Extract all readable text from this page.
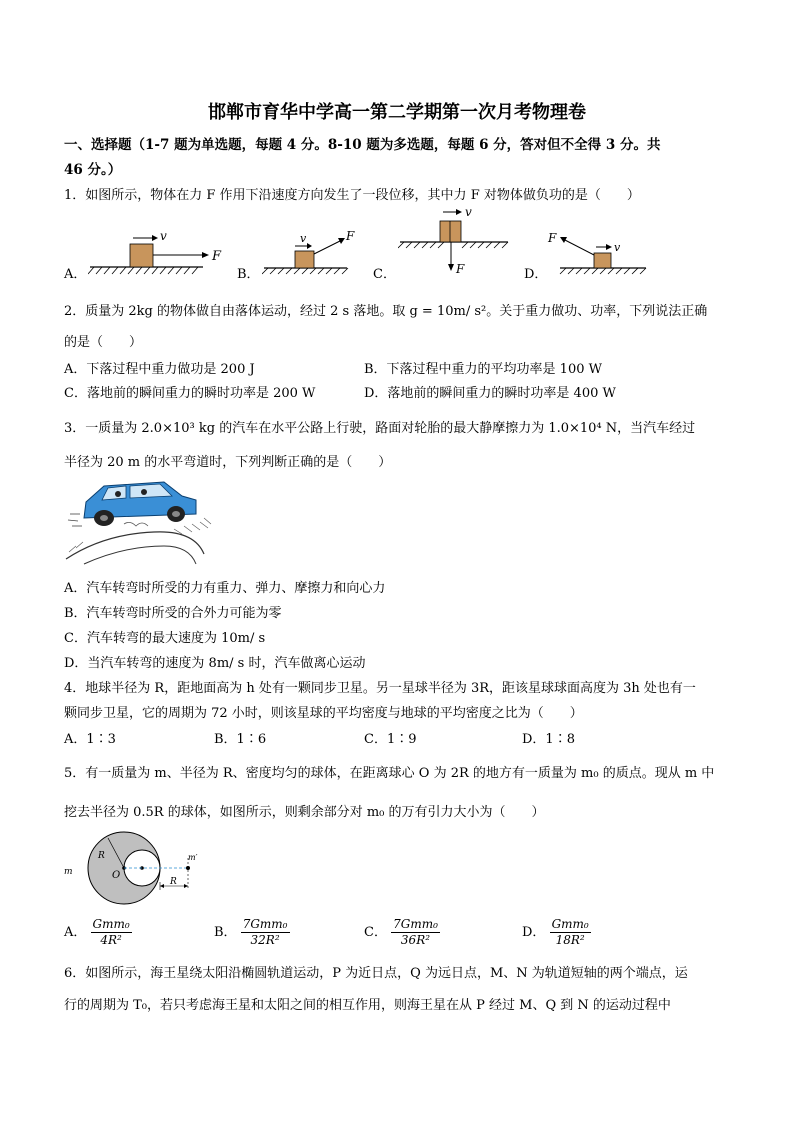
邯郸市育华中学高一第二学期第一次月考物理卷
一、选择题（1-7 题为单选题，每题 4 分。8-10 题为多选题，每题 6 分，答对但不全得 3 分。共
46 分。）
1．如图所示，物体在力 F 作用下沿速度方向发生了一段位移，其中力 F 对物体做负功的是（　　）
A．	B．	C．	D．
v
F
v	F
v
F
F
v
2．质量为 2kg 的物体做自由落体运动，经过 2 s 落地。取 g = 10m/ s²。关于重力做功、功率，下列说法正确
的是（　　）
A．下落过程中重力做功是 200 J	B．下落过程中重力的平均功率是 100 W
C．落地前的瞬间重力的瞬时功率是 200 W	D．落地前的瞬间重力的瞬时功率是 400 W
3．一质量为 2.0×10³ kg 的汽车在水平公路上行驶，路面对轮胎的最大静摩擦力为 1.0×10⁴ N，当汽车经过
半径为 20 m 的水平弯道时，下列判断正确的是（　　）
A．汽车转弯时所受的力有重力、弹力、摩擦力和向心力
B．汽车转弯时所受的合外力可能为零
C．汽车转弯的最大速度为 10m/ s
D．当汽车转弯的速度为 8m/ s 时，汽车做离心运动
4．地球半径为 R，距地面高为 h 处有一颗同步卫星。另一星球半径为 3R，距该星球球面高度为 3h 处也有一
颗同步卫星，它的周期为 72 小时，则该星球的平均密度与地球的平均密度之比为（　　）
A．1∶3	B．1∶6	C．1∶9	D．1∶8
5．有一质量为 m、半径为 R、密度均匀的球体，在距离球心 O 为 2R 的地方有一质量为 m₀ 的质点。现从 m 中
挖去半径为 0.5R 的球体，如图所示，则剩余部分对 m₀ 的万有引力大小为（　　）
m
R
O
R
m′
A． $\frac{\text{Gmm₀}}{\text{4R²}}$	B． $\frac{\text{7Gmm₀}}{\text{32R²}}$	C． $\frac{\text{7Gmm₀}}{\text{36R²}}$	D． $\frac{\text{Gmm₀}}{\text{18R²}}$
6．如图所示，海王星绕太阳沿椭圆轨道运动，P 为近日点，Q 为远日点，M、N 为轨道短轴的两个端点，运
行的周期为 T₀，若只考虑海王星和太阳之间的相互作用，则海王星在从 P 经过 M、Q 到 N 的运动过程中
